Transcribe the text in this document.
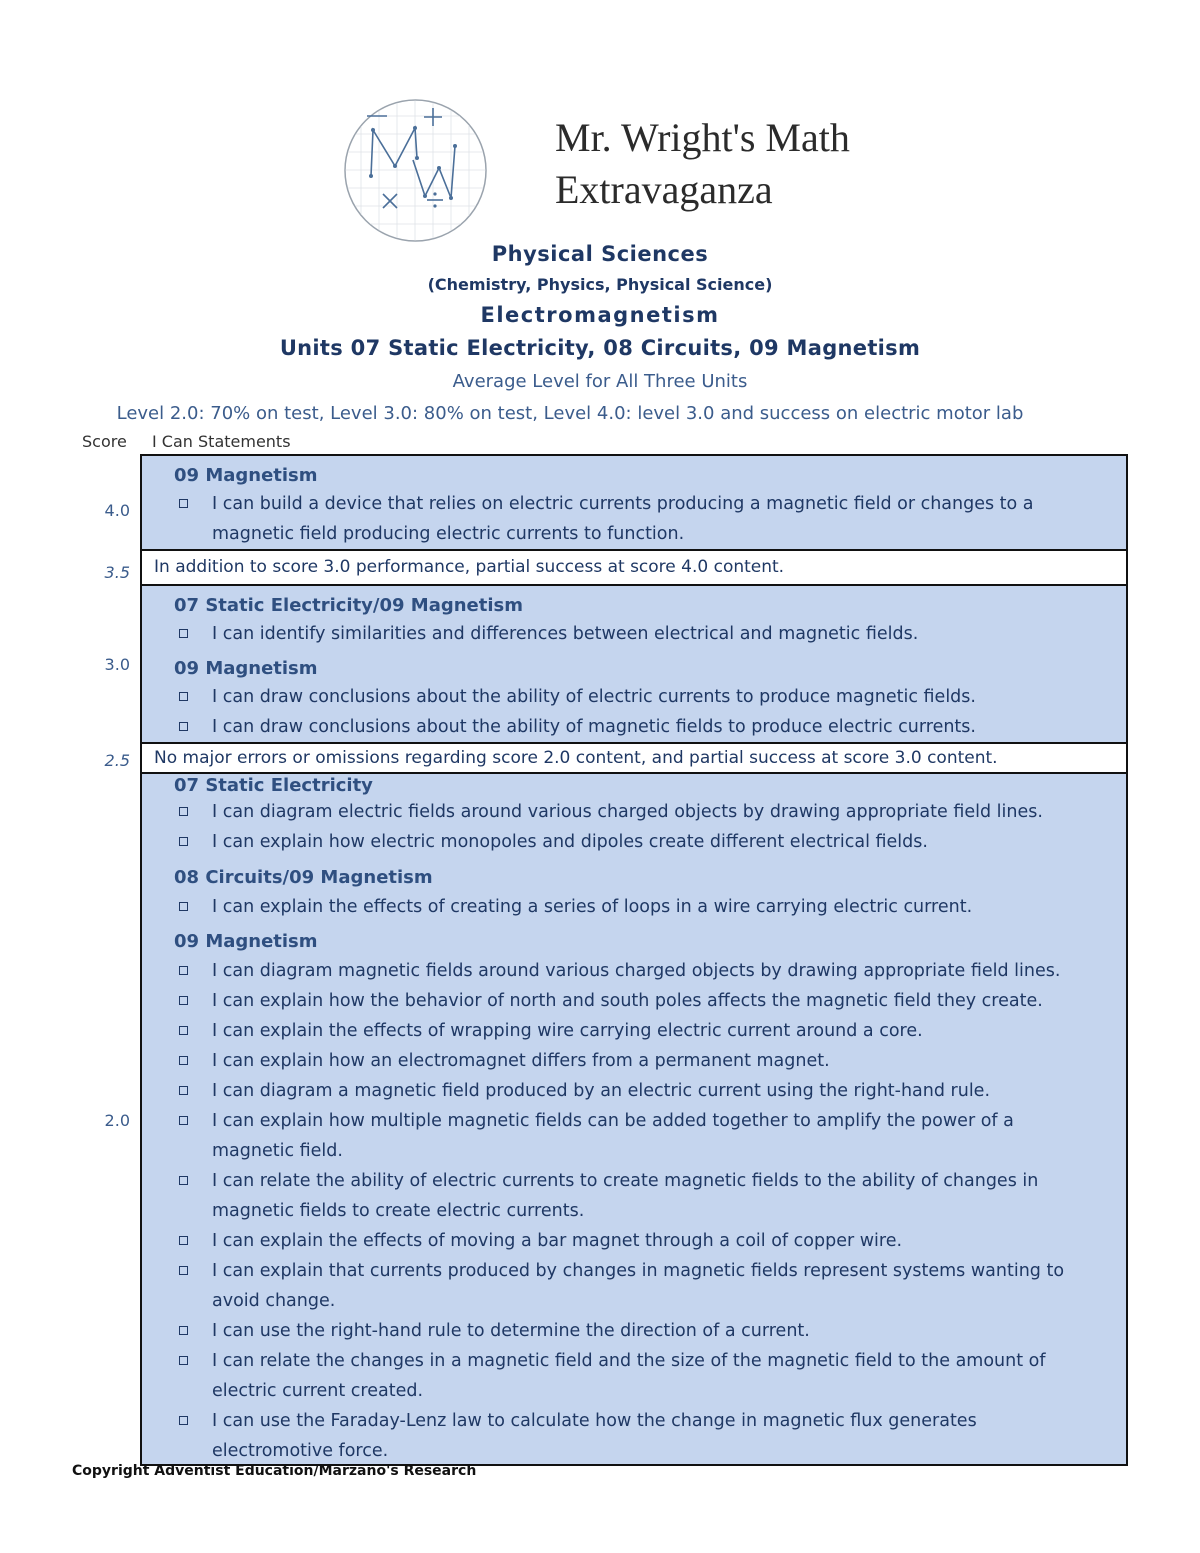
Mr. Wright's Math
Extravaganza
Physical Sciences
(Chemistry, Physics, Physical Science)
Electromagnetism
Units 07 Static Electricity, 08 Circuits, 09 Magnetism
Average Level for All Three Units
Level 2.0: 70% on test, Level 3.0: 80% on test, Level 4.0: level 3.0 and success on electric motor lab
Score I Can Statements
4.0
3.5
3.0
2.5
2.0
09 Magnetism
I can build a device that relies on electric currents producing a magnetic field or changes to a magnetic field producing electric currents to function.
In addition to score 3.0 performance, partial success at score 4.0 content.
07 Static Electricity/09 Magnetism
I can identify similarities and differences between electrical and magnetic fields.
09 Magnetism
I can draw conclusions about the ability of electric currents to produce magnetic fields.
I can draw conclusions about the ability of magnetic fields to produce electric currents.
No major errors or omissions regarding score 2.0 content, and partial success at score 3.0 content.
07 Static Electricity
I can diagram electric fields around various charged objects by drawing appropriate field lines.
I can explain how electric monopoles and dipoles create different electrical fields.
08 Circuits/09 Magnetism
I can explain the effects of creating a series of loops in a wire carrying electric current.
09 Magnetism
I can diagram magnetic fields around various charged objects by drawing appropriate field lines.
I can explain how the behavior of north and south poles affects the magnetic field they create.
I can explain the effects of wrapping wire carrying electric current around a core.
I can explain how an electromagnet differs from a permanent magnet.
I can diagram a magnetic field produced by an electric current using the right-hand rule.
I can explain how multiple magnetic fields can be added together to amplify the power of a magnetic field.
I can relate the ability of electric currents to create magnetic fields to the ability of changes in magnetic fields to create electric currents.
I can explain the effects of moving a bar magnet through a coil of copper wire.
I can explain that currents produced by changes in magnetic fields represent systems wanting to avoid change.
I can use the right-hand rule to determine the direction of a current.
I can relate the changes in a magnetic field and the size of the magnetic field to the amount of electric current created.
I can use the Faraday-Lenz law to calculate how the change in magnetic flux generates electromotive force.
Copyright Adventist Education/Marzano's Research
